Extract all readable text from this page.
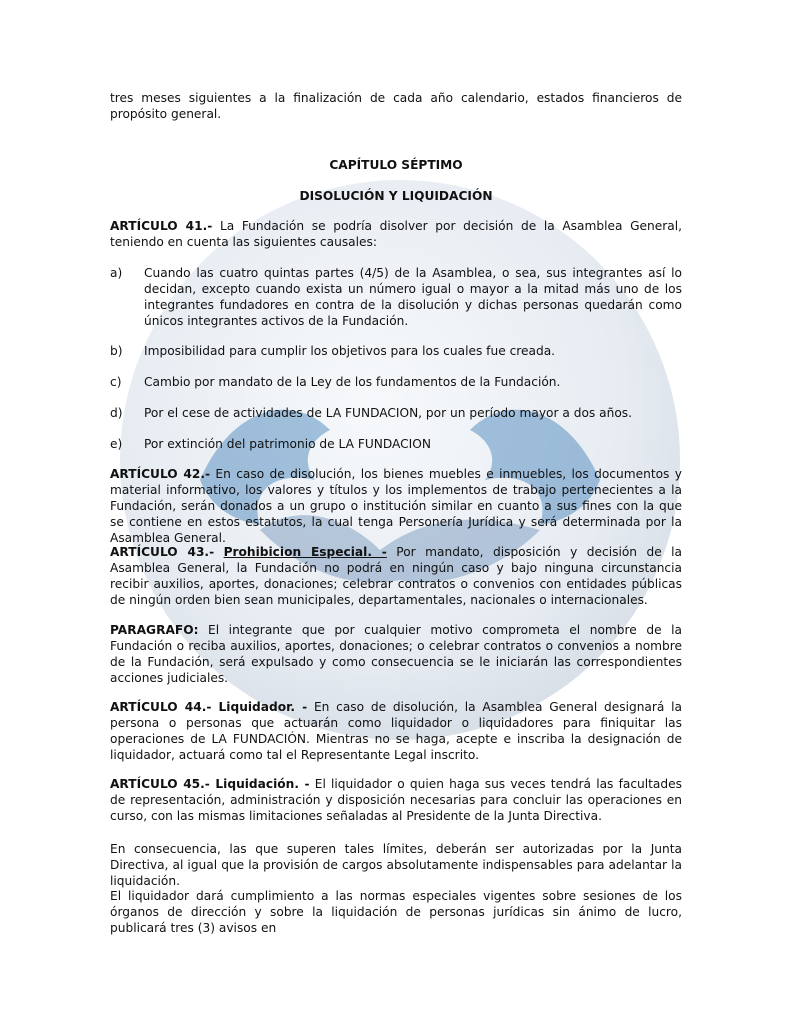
tres meses siguientes a la finalización de cada año calendario, estados financieros de propósito general.

CAPÍTULO SÉPTIMO

DISOLUCIÓN Y LIQUIDACIÓN

ARTÍCULO 41.- La Fundación se podría disolver por decisión de la Asamblea General, teniendo en cuenta las siguientes causales:

a) Cuando las cuatro quintas partes (4/5) de la Asamblea, o sea, sus integrantes así lo decidan, excepto cuando exista un número igual o mayor a la mitad más uno de los integrantes fundadores en contra de la disolución y dichas personas quedarán como únicos integrantes activos de la Fundación.
b) Imposibilidad para cumplir los objetivos para los cuales fue creada.
c) Cambio por mandato de la Ley de los fundamentos de la Fundación.
d) Por el cese de actividades de LA FUNDACION, por un período mayor a dos años.
e) Por extinción del patrimonio de LA FUNDACION

ARTÍCULO 42.- En caso de disolución, los bienes muebles e inmuebles, los documentos y material informativo, los valores y títulos y los implementos de trabajo pertenecientes a la Fundación, serán donados a un grupo o institución similar en cuanto a sus fines con la que se contiene en estos estatutos, la cual tenga Personería Jurídica y será determinada por la Asamblea General.

ARTÍCULO 43.- Prohibicion Especial. - Por mandato, disposición y decisión de la Asamblea General, la Fundación no podrá en ningún caso y bajo ninguna circunstancia recibir auxilios, aportes, donaciones; celebrar contratos o convenios con entidades públicas de ningún orden bien sean municipales, departamentales, nacionales o internacionales.

PARAGRAFO: El integrante que por cualquier motivo comprometa el nombre de la Fundación o reciba auxilios, aportes, donaciones; o celebrar contratos o convenios a nombre de la Fundación, será expulsado y como consecuencia se le iniciarán las correspondientes acciones judiciales.

ARTÍCULO 44.- Liquidador. - En caso de disolución, la Asamblea General designará la persona o personas que actuarán como liquidador o liquidadores para finiquitar las operaciones de LA FUNDACIÓN. Mientras no se haga, acepte e inscriba la designación de liquidador, actuará como tal el Representante Legal inscrito.

ARTÍCULO 45.- Liquidación. - El liquidador o quien haga sus veces tendrá las facultades de representación, administración y disposición necesarias para concluir las operaciones en curso, con las mismas limitaciones señaladas al Presidente de la Junta Directiva.

En consecuencia, las que superen tales límites, deberán ser autorizadas por la Junta Directiva, al igual que la provisión de cargos absolutamente indispensables para adelantar la liquidación.

El liquidador dará cumplimiento a las normas especiales vigentes sobre sesiones de los órganos de dirección y sobre la liquidación de personas jurídicas sin ánimo de lucro, publicará tres (3) avisos en
